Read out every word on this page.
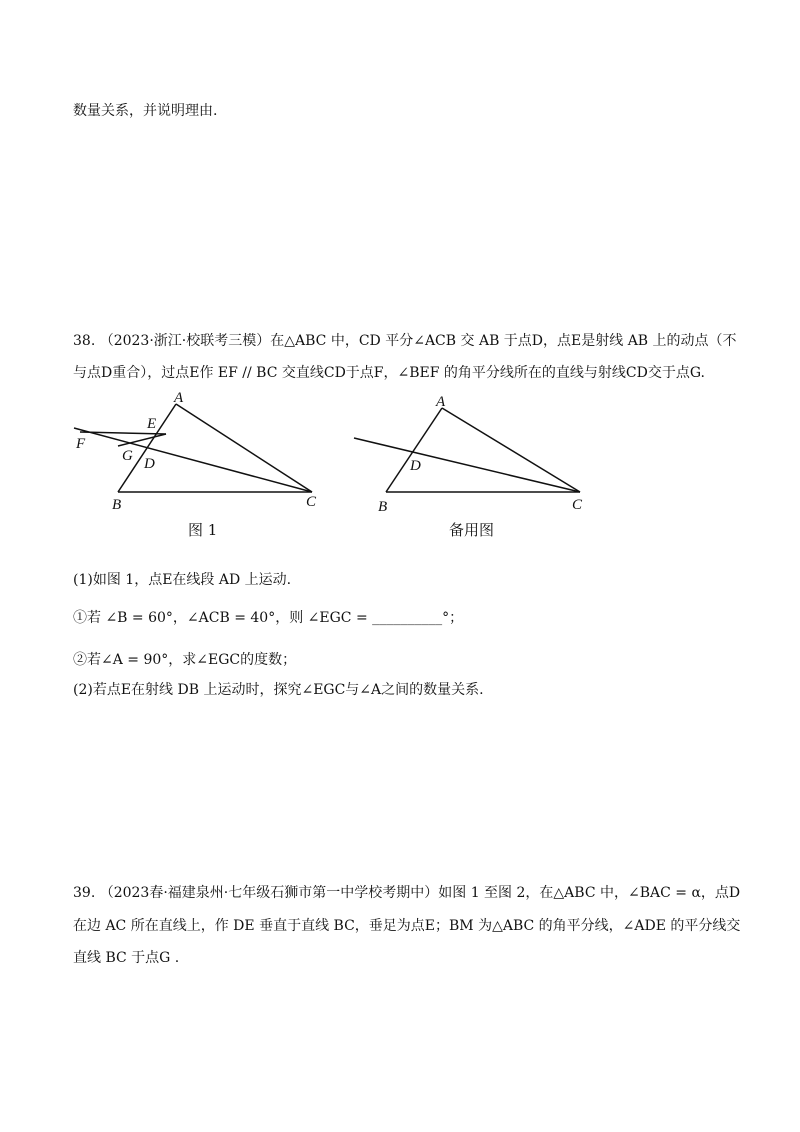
数量关系，并说明理由.
38. （2023·浙江·校联考三模）在△ABC 中，CD 平分∠ACB 交 AB 于点D，点E是射线 AB 上的动点（不
与点D重合），过点E作 EF // BC 交直线CD于点F，∠BEF 的角平分线所在的直线与射线CD交于点G.
A
E
F
G D
B	C
图 1
A
D
B	C
备用图
(1)如图 1，点E在线段 AD 上运动.
①若 ∠B = 60°，∠ACB = 40°，则 ∠EGC = __________°；
②若∠A = 90°，求∠EGC的度数；
(2)若点E在射线 DB 上运动时，探究∠EGC与∠A之间的数量关系.
39. （2023春·福建泉州·七年级石狮市第一中学校考期中）如图 1 至图 2，在△ABC 中，∠BAC = α，点D
在边 AC 所在直线上，作 DE 垂直于直线 BC，垂足为点E；BM 为△ABC 的角平分线，∠ADE 的平分线交
直线 BC 于点G .
